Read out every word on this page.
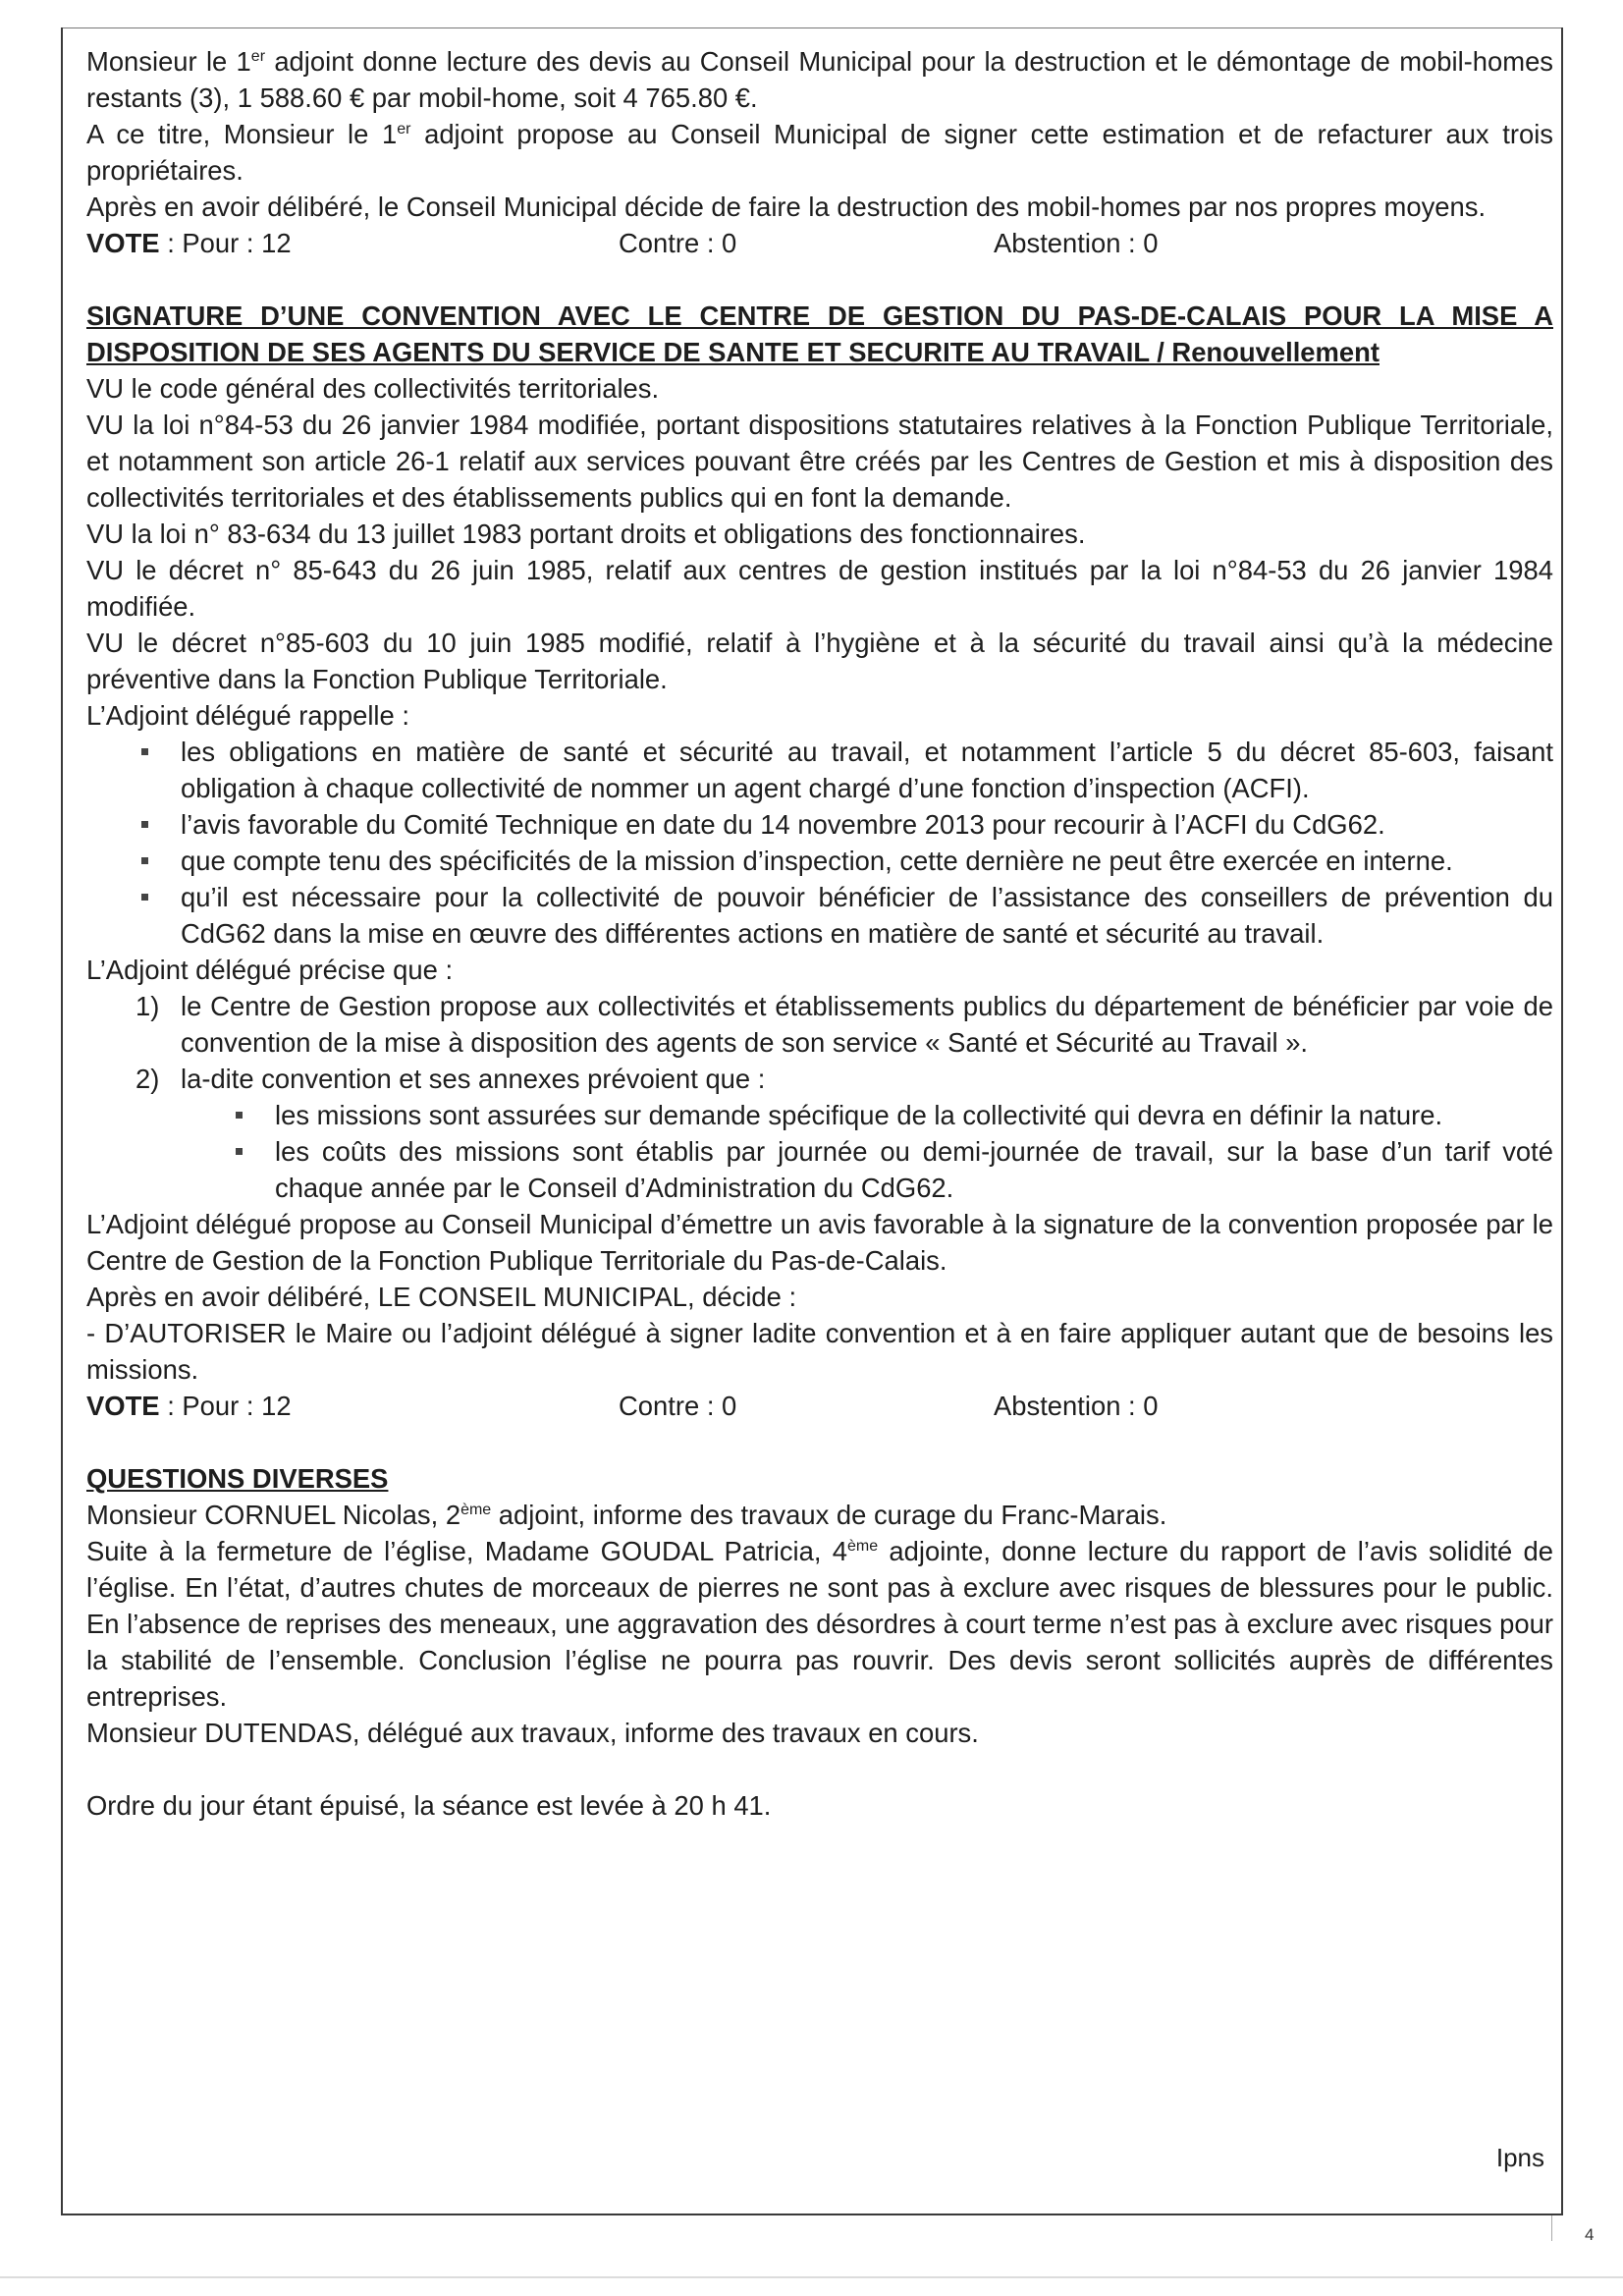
Monsieur le 1er adjoint donne lecture des devis au Conseil Municipal pour la destruction et le démontage de mobil-homes restants (3), 1 588.60 € par mobil-home, soit 4 765.80 €.

A ce titre, Monsieur le 1er adjoint propose au Conseil Municipal de signer cette estimation et de refacturer aux trois propriétaires.

Après en avoir délibéré, le Conseil Municipal décide de faire la destruction des mobil-homes par nos propres moyens.

VOTE : Pour : 12	Contre : 0	Abstention : 0

SIGNATURE D’UNE CONVENTION AVEC LE CENTRE DE GESTION DU PAS-DE-CALAIS POUR LA MISE A DISPOSITION DE SES AGENTS DU SERVICE DE SANTE ET SECURITE AU TRAVAIL / Renouvellement

VU le code général des collectivités territoriales.

VU la loi n°84-53 du 26 janvier 1984 modifiée, portant dispositions statutaires relatives à la Fonction Publique Territoriale, et notamment son article 26-1 relatif aux services pouvant être créés par les Centres de Gestion et mis à disposition des collectivités territoriales et des établissements publics qui en font la demande.

VU la loi n° 83-634 du 13 juillet 1983 portant droits et obligations des fonctionnaires.

VU le décret n° 85-643 du 26 juin 1985, relatif aux centres de gestion institués par la loi n°84-53 du 26 janvier 1984 modifiée.

VU le décret n°85-603 du 10 juin 1985 modifié, relatif à l’hygiène et à la sécurité du travail ainsi qu’à la médecine préventive dans la Fonction Publique Territoriale.

L’Adjoint délégué rappelle :

les obligations en matière de santé et sécurité au travail, et notamment l’article 5 du décret 85-603, faisant obligation à chaque collectivité de nommer un agent chargé d’une fonction d’inspection (ACFI).
l’avis favorable du Comité Technique en date du 14 novembre 2013 pour recourir à l’ACFI du CdG62.
que compte tenu des spécificités de la mission d’inspection, cette dernière ne peut être exercée en interne.
qu’il est nécessaire pour la collectivité de pouvoir bénéficier de l’assistance des conseillers de prévention du CdG62 dans la mise en œuvre des différentes actions en matière de santé et sécurité au travail.

L’Adjoint délégué précise que :

1) le Centre de Gestion propose aux collectivités et établissements publics du département de bénéficier par voie de convention de la mise à disposition des agents de son service « Santé et Sécurité au Travail ».
2) la-dite convention et ses annexes prévoient que :
les missions sont assurées sur demande spécifique de la collectivité qui devra en définir la nature.
les coûts des missions sont établis par journée ou demi-journée de travail, sur la base d’un tarif voté chaque année par le Conseil d’Administration du CdG62.

L’Adjoint délégué propose au Conseil Municipal d’émettre un avis favorable à la signature de la convention proposée par le Centre de Gestion de la Fonction Publique Territoriale du Pas-de-Calais.

Après en avoir délibéré, LE CONSEIL MUNICIPAL, décide :

- D’AUTORISER le Maire ou l’adjoint délégué à signer ladite convention et à en faire appliquer autant que de besoins les missions.

VOTE : Pour : 12	Contre : 0	Abstention : 0

QUESTIONS DIVERSES

Monsieur CORNUEL Nicolas, 2ème adjoint, informe des travaux de curage du Franc-Marais.

Suite à la fermeture de l’église, Madame GOUDAL Patricia, 4ème adjointe, donne lecture du rapport de l’avis solidité de l’église. En l’état, d’autres chutes de morceaux de pierres ne sont pas à exclure avec risques de blessures pour le public. En l’absence de reprises des meneaux, une aggravation des désordres à court terme n’est pas à exclure avec risques pour la stabilité de l’ensemble. Conclusion l’église ne pourra pas rouvrir. Des devis seront sollicités auprès de différentes entreprises.

Monsieur DUTENDAS, délégué aux travaux, informe des travaux en cours.

Ordre du jour étant épuisé, la séance est levée à 20 h 41.

Ipns
4
